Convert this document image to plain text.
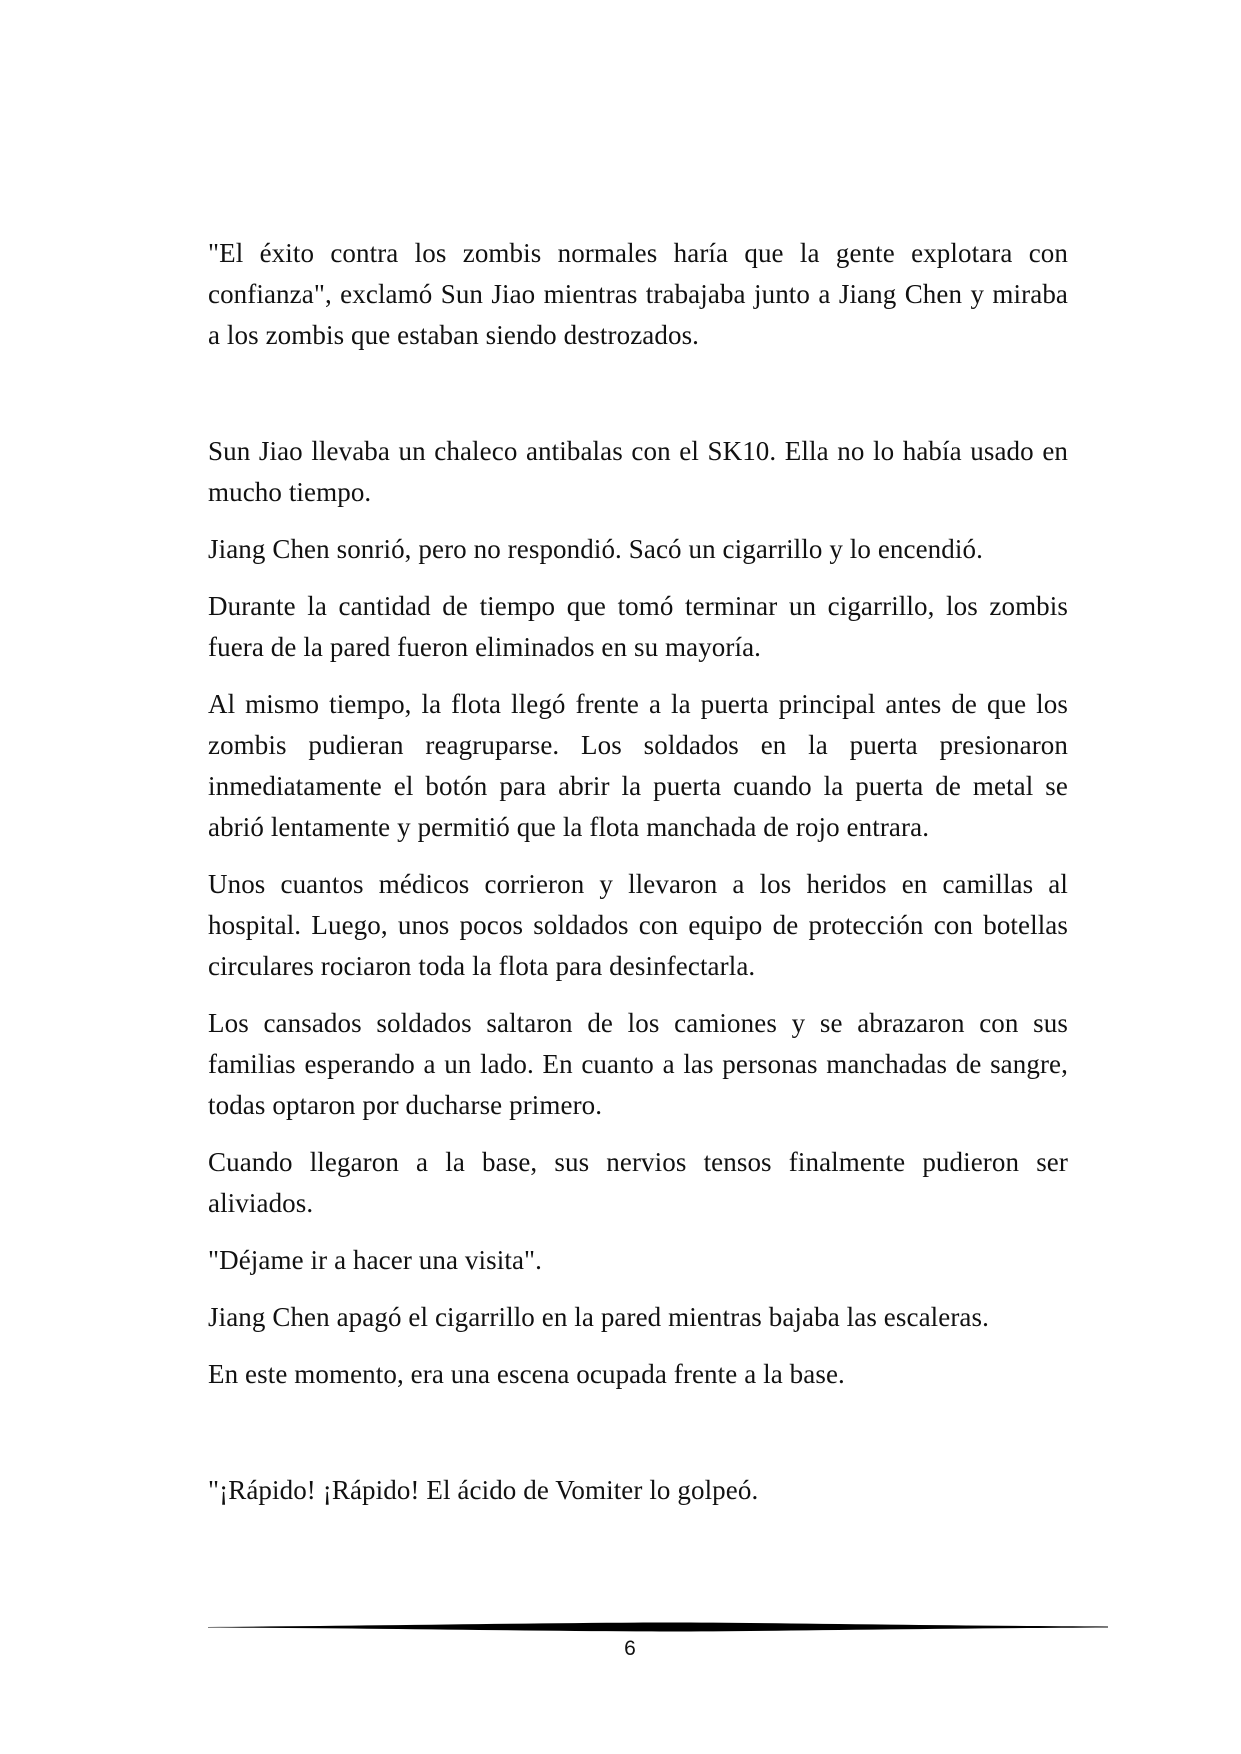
"El éxito contra los zombis normales haría que la gente explotara con confianza", exclamó Sun Jiao mientras trabajaba junto a Jiang Chen y miraba a los zombis que estaban siendo destrozados.

Sun Jiao llevaba un chaleco antibalas con el SK10. Ella no lo había usado en mucho tiempo.

Jiang Chen sonrió, pero no respondió. Sacó un cigarrillo y lo encendió.

Durante la cantidad de tiempo que tomó terminar un cigarrillo, los zombis fuera de la pared fueron eliminados en su mayoría.

Al mismo tiempo, la flota llegó frente a la puerta principal antes de que los zombis pudieran reagruparse. Los soldados en la puerta presionaron inmediatamente el botón para abrir la puerta cuando la puerta de metal se abrió lentamente y permitió que la flota manchada de rojo entrara.

Unos cuantos médicos corrieron y llevaron a los heridos en camillas al hospital. Luego, unos pocos soldados con equipo de protección con botellas circulares rociaron toda la flota para desinfectarla.

Los cansados soldados saltaron de los camiones y se abrazaron con sus familias esperando a un lado. En cuanto a las personas manchadas de sangre, todas optaron por ducharse primero.

Cuando llegaron a la base, sus nervios tensos finalmente pudieron ser aliviados.

"Déjame ir a hacer una visita".

Jiang Chen apagó el cigarrillo en la pared mientras bajaba las escaleras.

En este momento, era una escena ocupada frente a la base.

"¡Rápido! ¡Rápido! El ácido de Vomiter lo golpeó.

6
